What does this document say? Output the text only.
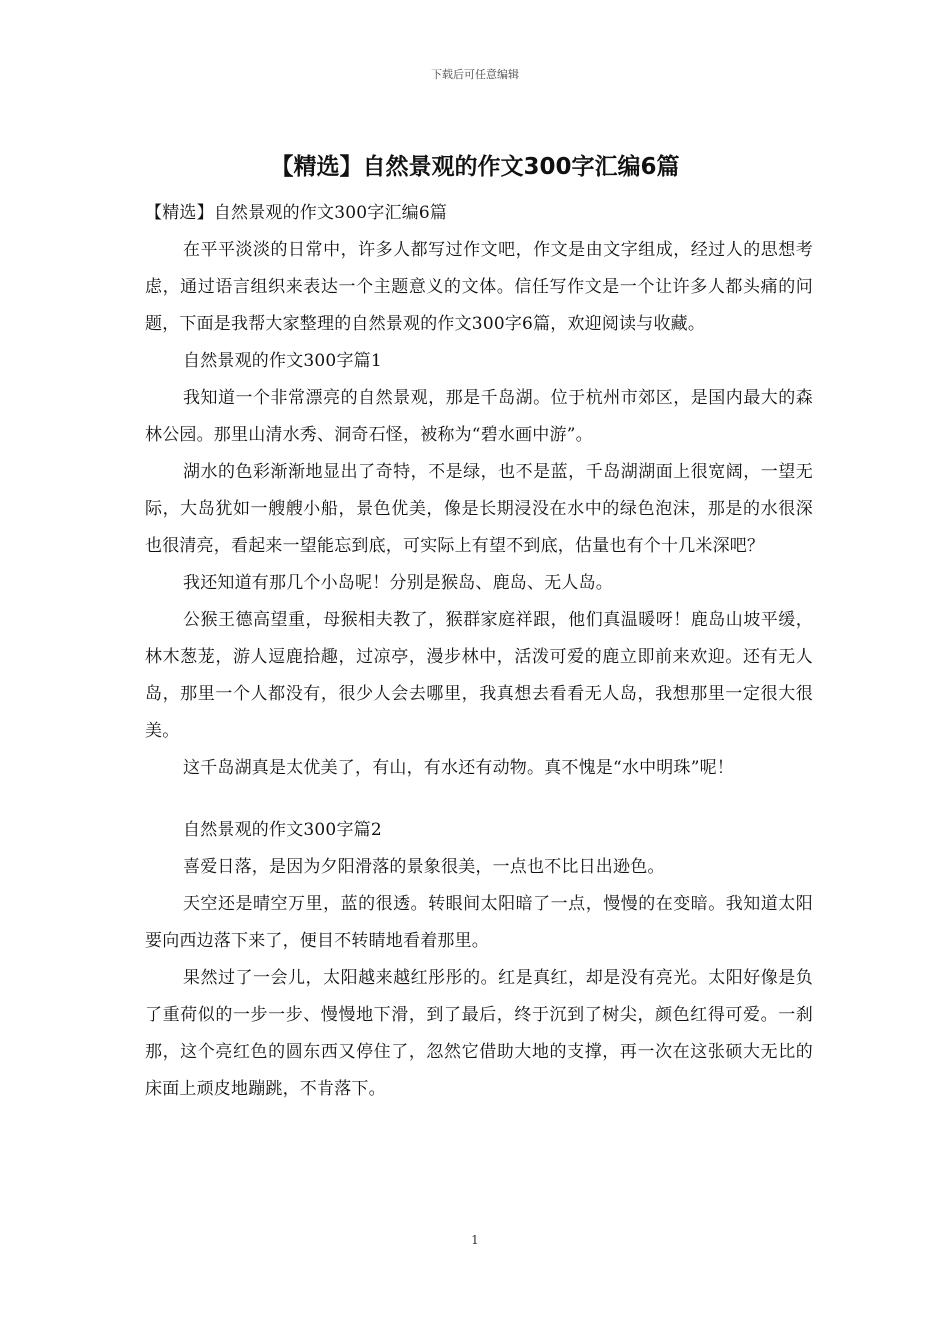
下载后可任意编辑
【精选】自然景观的作文300字汇编6篇

【精选】自然景观的作文300字汇编6篇

在平平淡淡的日常中，许多人都写过作文吧，作文是由文字组成，经过人的思想考虑，通过语言组织来表达一个主题意义的文体。信任写作文是一个让许多人都头痛的问题，下面是我帮大家整理的自然景观的作文300字6篇，欢迎阅读与收藏。

自然景观的作文300字篇1

我知道一个非常漂亮的自然景观，那是千岛湖。位于杭州市郊区，是国内最大的森林公园。那里山清水秀、洞奇石怪，被称为“碧水画中游”。

湖水的色彩渐渐地显出了奇特，不是绿，也不是蓝，千岛湖湖面上很宽阔，一望无际，大岛犹如一艘艘小船，景色优美，像是长期浸没在水中的绿色泡沫，那是的水很深也很清亮，看起来一望能忘到底，可实际上有望不到底，估量也有个十几米深吧？

我还知道有那几个小岛呢！分别是猴岛、鹿岛、无人岛。

公猴王德高望重，母猴相夫教了，猴群家庭祥跟，他们真温暖呀！鹿岛山坡平缓，林木葱茏，游人逗鹿拾趣，过凉亭，漫步林中，活泼可爱的鹿立即前来欢迎。还有无人岛，那里一个人都没有，很少人会去哪里，我真想去看看无人岛，我想那里一定很大很美。

这千岛湖真是太优美了，有山，有水还有动物。真不愧是“水中明珠”呢！

自然景观的作文300字篇2

喜爱日落，是因为夕阳滑落的景象很美，一点也不比日出逊色。

天空还是晴空万里，蓝的很透。转眼间太阳暗了一点，慢慢的在变暗。我知道太阳要向西边落下来了，便目不转睛地看着那里。

果然过了一会儿，太阳越来越红彤彤的。红是真红，却是没有亮光。太阳好像是负了重荷似的一步一步、慢慢地下滑，到了最后，终于沉到了树尖，颜色红得可爱。一刹那，这个亮红色的圆东西又停住了，忽然它借助大地的支撑，再一次在这张硕大无比的床面上顽皮地蹦跳，不肯落下。

1
